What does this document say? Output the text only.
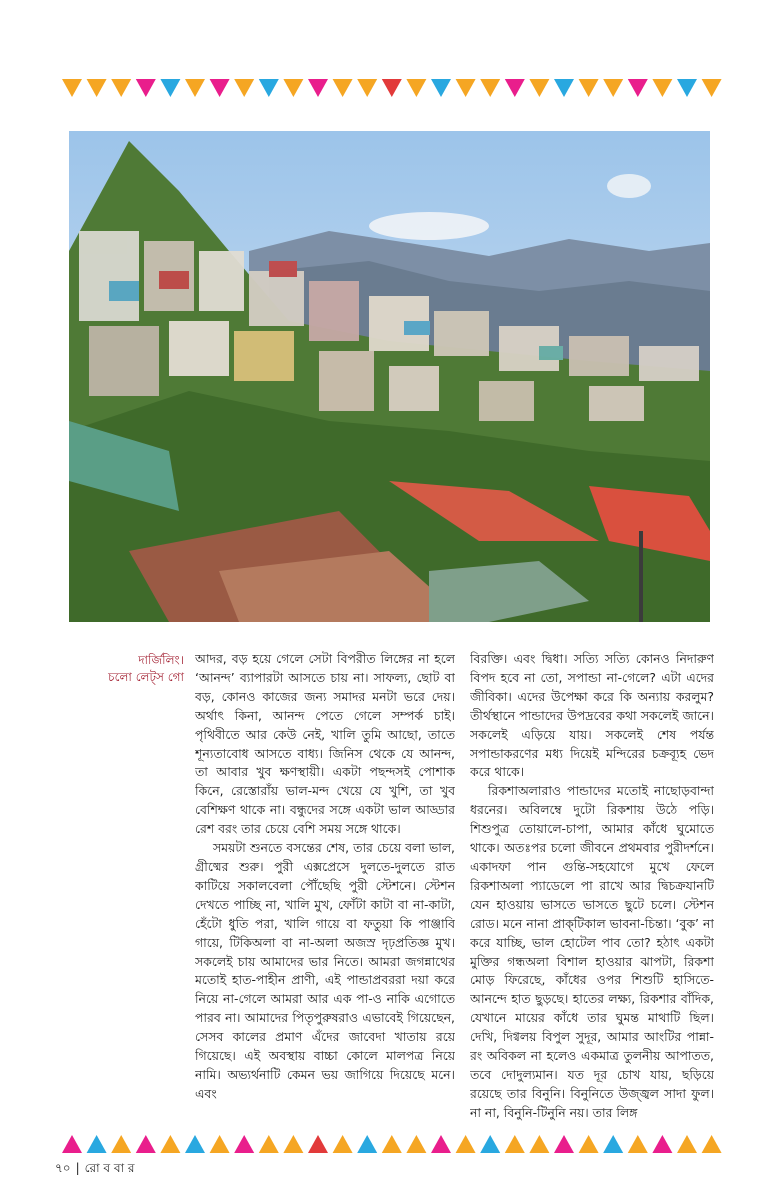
দার্জিলিং।
চলো লেট্‌স গো

আদর, বড় হয়ে গেলে সেটা বিপরীত লিঙ্গের না হলে ‘আনন্দ’ ব্যাপারটা আসতে চায় না। সাফল্য, ছোট বা বড়, কোনও কাজের জন্য সমাদর মনটা ভরে দেয়। অর্থাৎ কিনা, আনন্দ পেতে গেলে সম্পর্ক চাই। পৃথিবীতে আর কেউ নেই, খালি তুমি আছো, তাতে শূন্যতাবোধ আসতে বাধ্য। জিনিস থেকে যে আনন্দ, তা আবার খুব ক্ষণস্থায়ী। একটা পছন্দসই পোশাক কিনে, রেস্তোরাঁয় ভাল-মন্দ খেয়ে যে খুশি, তা খুব বেশিক্ষণ থাকে না। বন্ধুদের সঙ্গে একটা ভাল আড্ডার রেশ বরং তার চেয়ে বেশি সময় সঙ্গে থাকে।

সময়টা শুনতে বসন্তের শেষ, তার চেয়ে বলা ভাল, গ্রীষ্মের শুরু। পুরী এক্সপ্রেসে দুলতে-দুলতে রাত কাটিয়ে সকালবেলা পৌঁছেছি পুরী স্টেশনে। স্টেশন দেখতে পাচ্ছি না, খালি মুখ, ফোঁটা কাটা বা না-কাটা, হেঁটো ধুতি পরা, খালি গায়ে বা ফতুয়া কি পাঞ্জাবি গায়ে, টিকিঅলা বা না-অলা অজস্র দৃঢ়প্রতিজ্ঞ মুখ। সকলেই চায় আমাদের ভার নিতে। আমরা জগন্নাথের মতোই হাত-পাহীন প্রাণী, এই পান্ডাপ্রবররা দয়া করে নিয়ে না-গেলে আমরা আর এক পা-ও নাকি এগোতে পারব না। আমাদের পিতৃপুরুষরাও এভাবেই গিয়েছেন, সেসব কালের প্রমাণ এঁদের জাবেদা খাতায় রয়ে গিয়েছে। এই অবস্থায় বাচ্চা কোলে মালপত্র নিয়ে নামি। অভ্যর্থনাটি কেমন ভয় জাগিয়ে দিয়েছে মনে। এবং

বিরক্তি। এবং দ্বিধা। সত্যি সত্যি কোনও নিদারুণ বিপদ হবে না তো, সপান্ডা না-গেলে? এটা এদের জীবিকা। এদের উপেক্ষা করে কি অন্যায় করলুম? তীর্থস্থানে পান্ডাদের উপদ্রবের কথা সকলেই জানে। সকলেই এড়িয়ে যায়। সকলেই শেষ পর্যন্ত সপান্ডাকরণের মধ্য দিয়েই মন্দিরের চক্রব্যূহ ভেদ করে থাকে।

রিকশাঅলারাও পান্ডাদের মতোই নাছোড়বান্দা ধরনের। অবিলম্বে দুটো রিকশায় উঠে পড়ি। শিশুপুত্র তোয়ালে-চাপা, আমার কাঁধে ঘুমোতে থাকে। অতঃপর চলো জীবনে প্রথমবার পুরীদর্শনে। একাদফা পান গুন্তি-সহযোগে মুখে ফেলে রিকশাঅলা প্যাডেলে পা রাখে আর দ্বিচক্রযানটি যেন হাওয়ায় ভাসতে ভাসতে ছুটে চলে। স্টেশন রোড। মনে নানা প্রাক্‌টিকাল ভাবনা-চিন্তা। ‘বুক’ না করে যাচ্ছি, ভাল হোটেল পাব তো? হঠাৎ একটা মুক্তির গন্ধঅলা বিশাল হাওয়ার ঝাপটা, রিকশা মোড় ফিরেছে, কাঁধের ওপর শিশুটি হাসিতে-আনন্দে হাত ছুড়ছে। হাতের লক্ষ্য, রিকশার বাঁদিক, যেখানে মায়ের কাঁধে তার ঘুমন্ত মাথাটি ছিল। দেখি, দিগ্বলয় বিপুল সুদূর, আমার আংটির পান্না-রং অবিকল না হলেও একমাত্র তুলনীয় আপাতত, তবে দোদুল্যমান। যত দূর চোখ যায়, ছড়িয়ে রয়েছে তার বিনুনি। বিনুনিতে উজ্জ্বল সাদা ফুল। না না, বিনুনি-টিনুনি নয়। তার লিঙ্গ

৭০ | রো ব বা র
